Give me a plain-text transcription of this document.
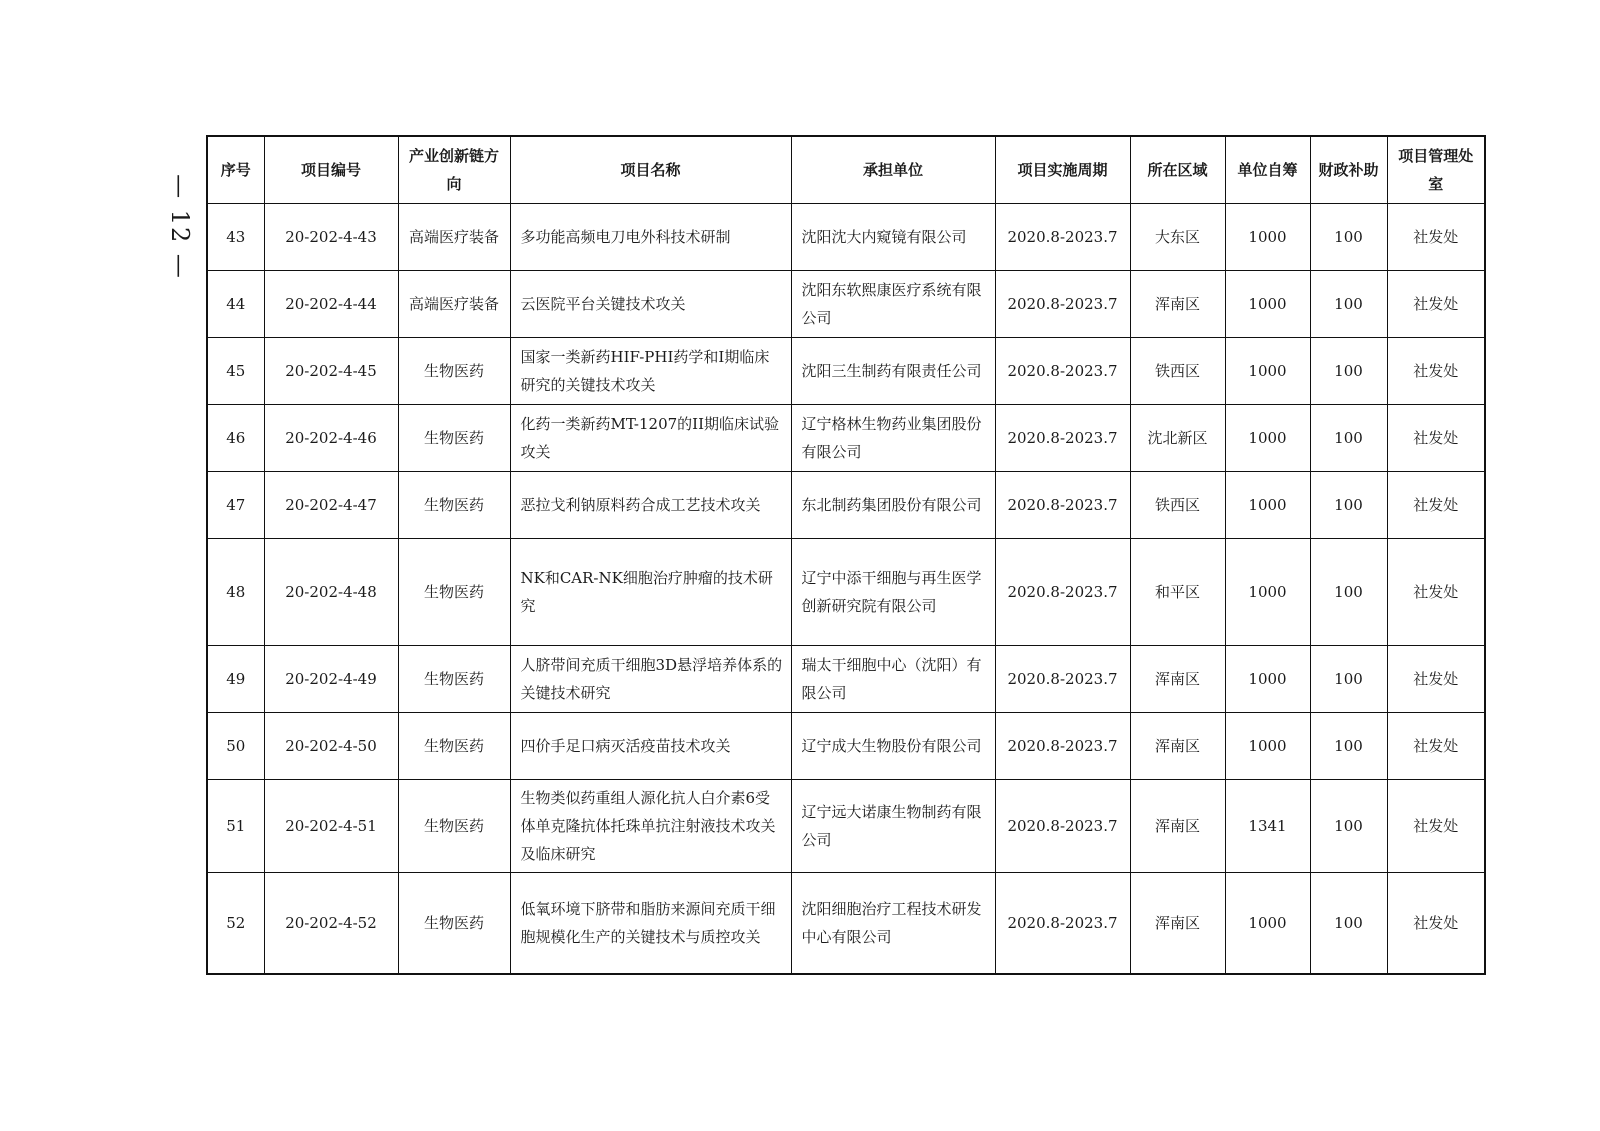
— 12 —
序号	项目编号	产业创新链方向	项目名称	承担单位	项目实施周期	所在区域	单位自筹	财政补助	项目管理处室
43	20-202-4-43	高端医疗装备	多功能高频电刀电外科技术研制	沈阳沈大内窥镜有限公司	2020.8-2023.7	大东区	1000	100	社发处
44	20-202-4-44	高端医疗装备	云医院平台关键技术攻关	沈阳东软熙康医疗系统有限公司	2020.8-2023.7	浑南区	1000	100	社发处
45	20-202-4-45	生物医药	国家一类新药HIF-PHI药学和I期临床研究的关键技术攻关	沈阳三生制药有限责任公司	2020.8-2023.7	铁西区	1000	100	社发处
46	20-202-4-46	生物医药	化药一类新药MT-1207的II期临床试验攻关	辽宁格林生物药业集团股份有限公司	2020.8-2023.7	沈北新区	1000	100	社发处
47	20-202-4-47	生物医药	恶拉戈利钠原料药合成工艺技术攻关	东北制药集团股份有限公司	2020.8-2023.7	铁西区	1000	100	社发处
48	20-202-4-48	生物医药	NK和CAR-NK细胞治疗肿瘤的技术研究	辽宁中添干细胞与再生医学创新研究院有限公司	2020.8-2023.7	和平区	1000	100	社发处
49	20-202-4-49	生物医药	人脐带间充质干细胞3D悬浮培养体系的关键技术研究	瑞太干细胞中心（沈阳）有限公司	2020.8-2023.7	浑南区	1000	100	社发处
50	20-202-4-50	生物医药	四价手足口病灭活疫苗技术攻关	辽宁成大生物股份有限公司	2020.8-2023.7	浑南区	1000	100	社发处
51	20-202-4-51	生物医药	生物类似药重组人源化抗人白介素6受体单克隆抗体托珠单抗注射液技术攻关及临床研究	辽宁远大诺康生物制药有限公司	2020.8-2023.7	浑南区	1341	100	社发处
52	20-202-4-52	生物医药	低氧环境下脐带和脂肪来源间充质干细胞规模化生产的关键技术与质控攻关	沈阳细胞治疗工程技术研发中心有限公司	2020.8-2023.7	浑南区	1000	100	社发处
